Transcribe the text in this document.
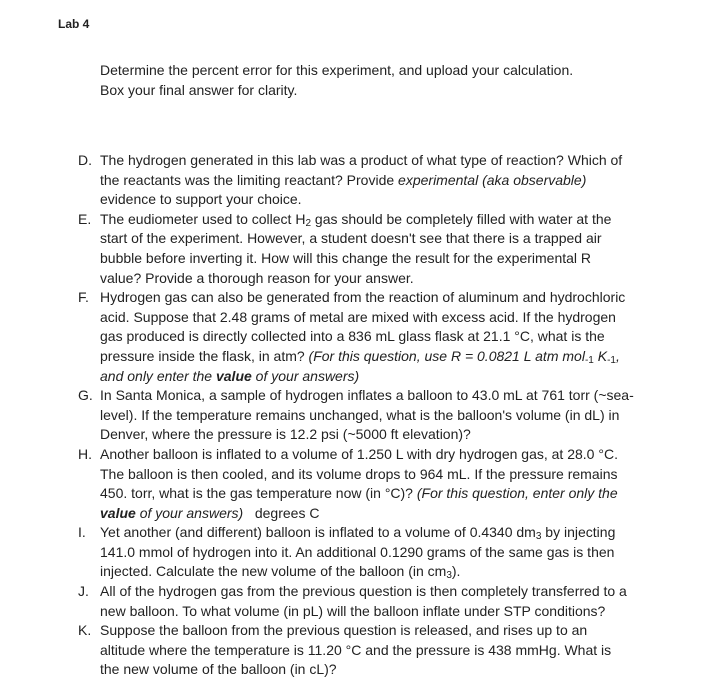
Lab 4

Determine the percent error for this experiment, and upload your calculation.

Box your final answer for clarity.

D. The hydrogen generated in this lab was a product of what type of reaction? Which of the reactants was the limiting reactant? Provide experimental (aka observable) evidence to support your choice.

E. The eudiometer used to collect $H_2$ gas should be completely filled with water at the start of the experiment. However, a student doesn't see that there is a trapped air bubble before inverting it. How will this change the result for the experimental R value? Provide a thorough reason for your answer.

F. Hydrogen gas can also be generated from the reaction of aluminum and hydrochloric acid. Suppose that 2.48 grams of metal are mixed with excess acid. If the hydrogen gas produced is directly collected into a 836 mL glass flask at 21.1 °C, what is the pressure inside the flask, in atm? (For this question, use R = 0.0821 L atm mol$_{-1}$ $K_{-1}$, and only enter the value of your answers)

G. In Santa Monica, a sample of hydrogen inflates a balloon to 43.0 mL at 761 torr (~sea-level). If the temperature remains unchanged, what is the balloon's volume (in dL) in Denver, where the pressure is 12.2 psi (~5000 ft elevation)?

H. Another balloon is inflated to a volume of 1.250 L with dry hydrogen gas, at 28.0 °C. The balloon is then cooled, and its volume drops to 964 mL. If the pressure remains 450. torr, what is the gas temperature now (in °C)? (For this question, enter only the value of your answers)   degrees C

I.	Yet another (and different) balloon is inflated to a volume of 0.4340 $dm_3$ by injecting 141.0 mmol of hydrogen into it. An additional 0.1290 grams of the same gas is then injected. Calculate the new volume of the balloon (in $cm_3$).

J. All of the hydrogen gas from the previous question is then completely transferred to a new balloon. To what volume (in pL) will the balloon inflate under STP conditions?

K. Suppose the balloon from the previous question is released, and rises up to an altitude where the temperature is 11.20 °C and the pressure is 438 mmHg. What is the new volume of the balloon (in cL)?
